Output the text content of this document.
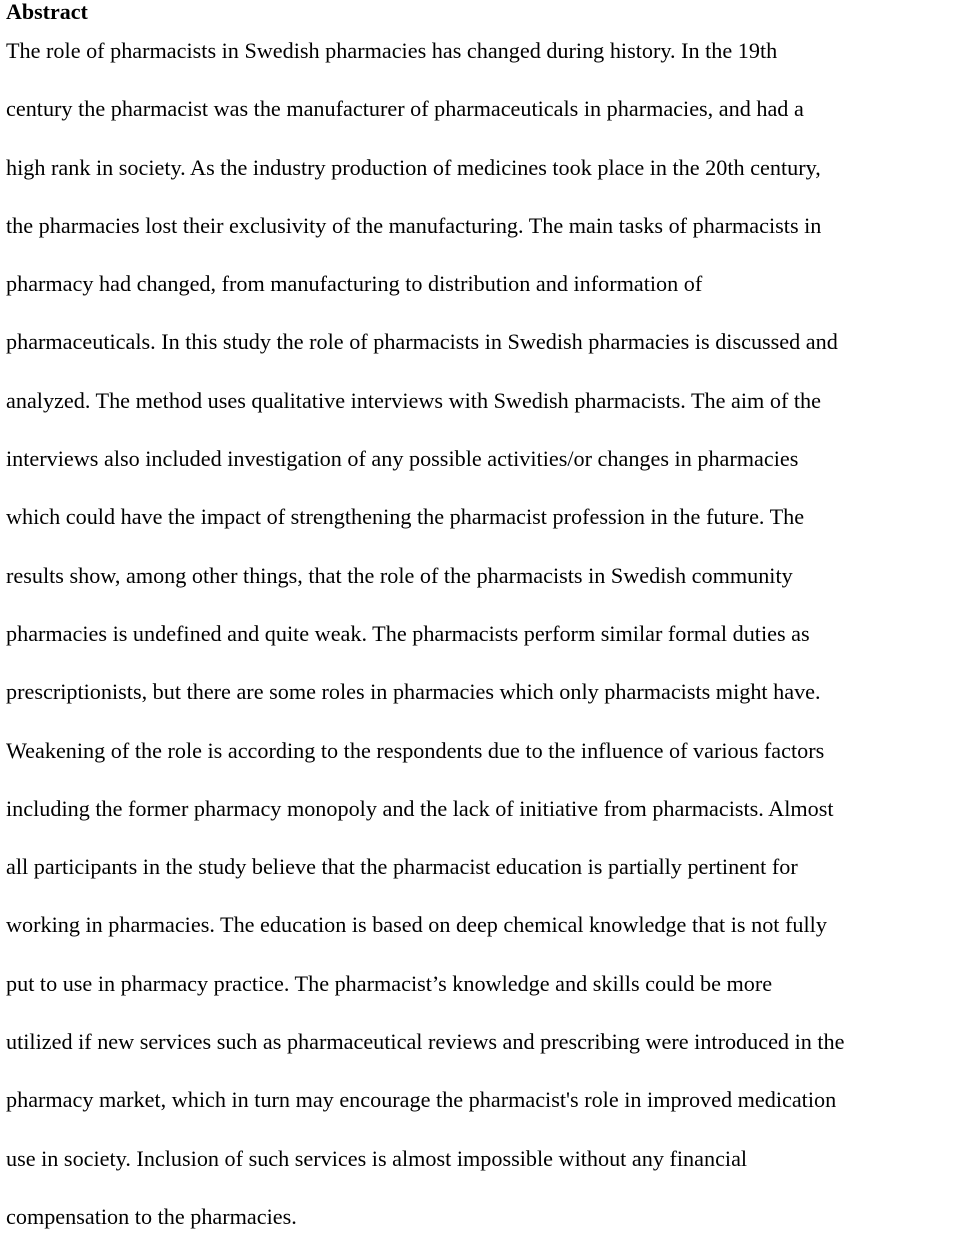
Abstract

The role of pharmacists in Swedish pharmacies has changed during history. In the 19th
century the pharmacist was the manufacturer of pharmaceuticals in pharmacies, and had a
high rank in society. As the industry production of medicines took place in the 20th century,
the pharmacies lost their exclusivity of the manufacturing. The main tasks of pharmacists in
pharmacy had changed, from manufacturing to distribution and information of
pharmaceuticals. In this study the role of pharmacists in Swedish pharmacies is discussed and
analyzed. The method uses qualitative interviews with Swedish pharmacists. The aim of the
interviews also included investigation of any possible activities/or changes in pharmacies
which could have the impact of strengthening the pharmacist profession in the future. The
results show, among other things, that the role of the pharmacists in Swedish community
pharmacies is undefined and quite weak. The pharmacists perform similar formal duties as
prescriptionists, but there are some roles in pharmacies which only pharmacists might have.
Weakening of the role is according to the respondents due to the influence of various factors
including the former pharmacy monopoly and the lack of initiative from pharmacists. Almost
all participants in the study believe that the pharmacist education is partially pertinent for
working in pharmacies. The education is based on deep chemical knowledge that is not fully
put to use in pharmacy practice. The pharmacist’s knowledge and skills could be more
utilized if new services such as pharmaceutical reviews and prescribing were introduced in the
pharmacy market, which in turn may encourage the pharmacist's role in improved medication
use in society. Inclusion of such services is almost impossible without any financial
compensation to the pharmacies.
